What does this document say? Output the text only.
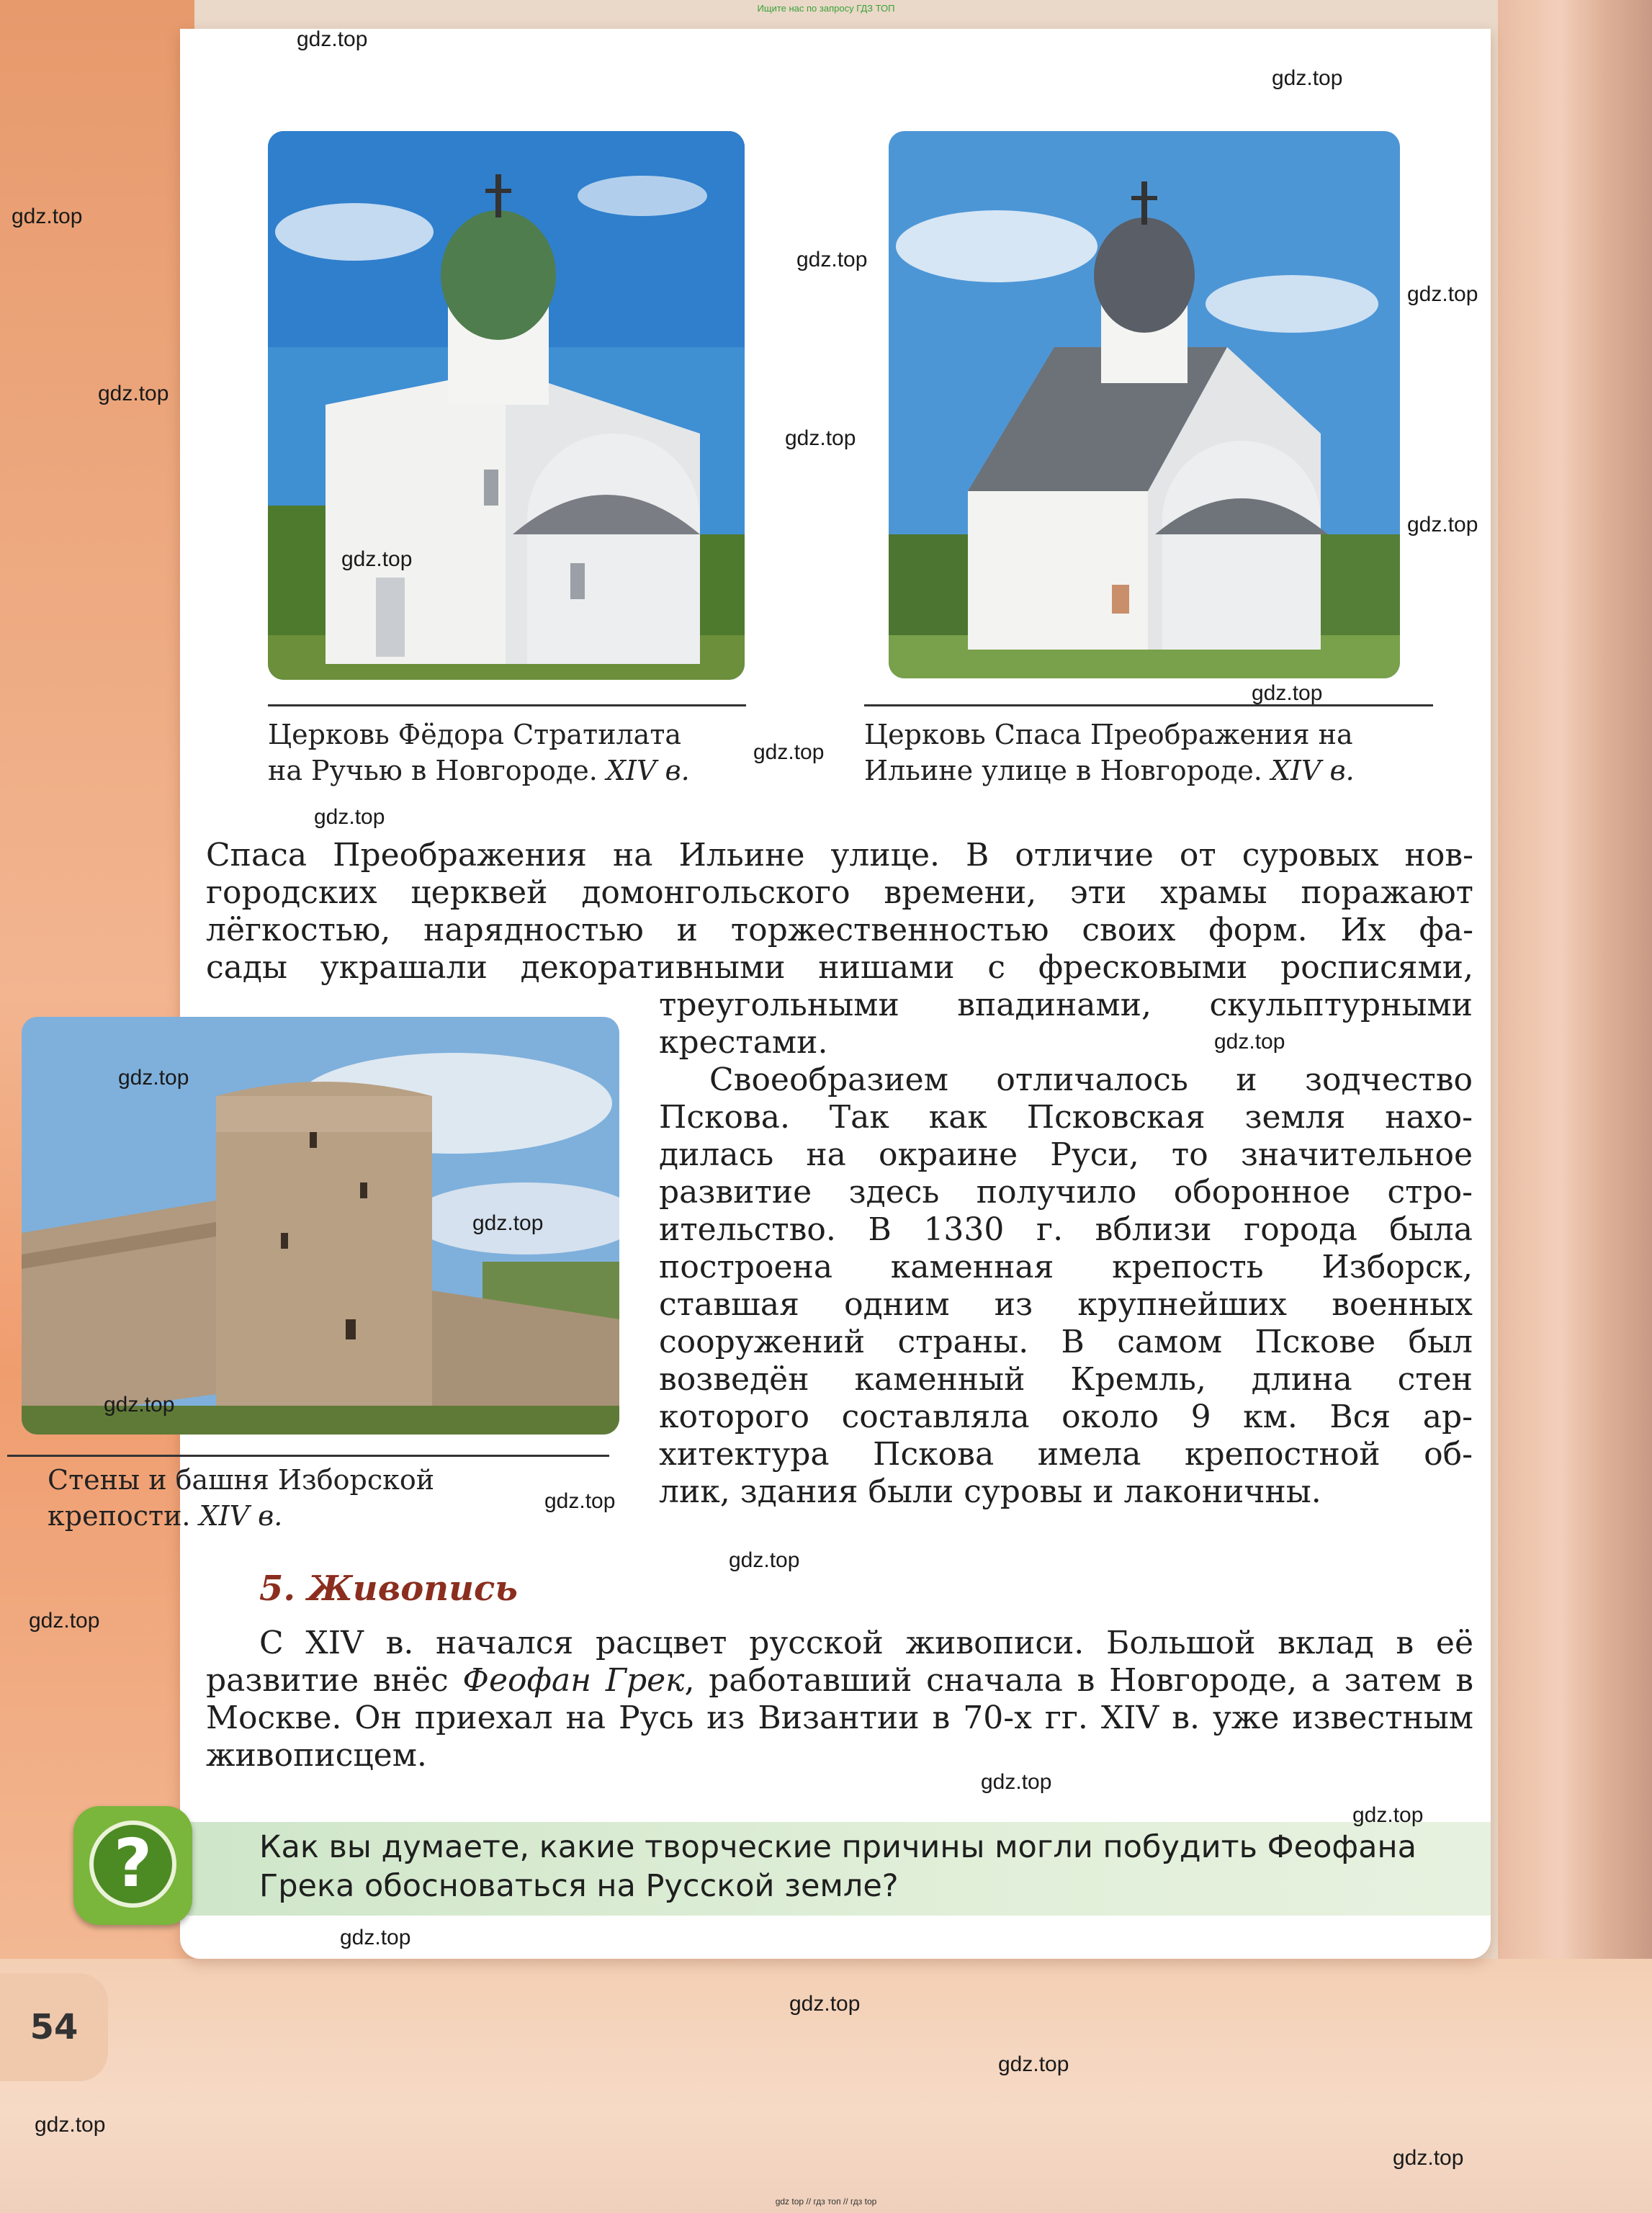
Ищите нас по запросу ГДЗ ТОП
Церковь Фёдора Стратилата
на Ручью в Новгороде. XIV в.
Церковь Спаса Преображения на
Ильине улице в Новгороде. XIV в.

Спаса Преображения на Ильине улице. В отличие от суровых нов-

городских церквей домонгольского времени, эти храмы поражают

лёгкостью, нарядностью и торжественностью своих форм. Их фа-

сады украшали декоративными нишами с фресковыми росписями,

Стены и башня Изборской
крепости. XIV в.

треугольными впадинами, скульптурными крестами.

Своеобразием отличалось и зодчество

Пскова. Так как Псковская земля нахо-

дилась на окраине Руси, то значительное

развитие здесь получило оборонное стро-

ительство. В 1330 г. вблизи города была

построена каменная крепость Изборск,

ставшая одним из крупнейших военных

сооружений страны. В самом Пскове был

возведён каменный Кремль, длина стен

которого составляла около 9 км. Вся ар-

хитектура Пскова имела крепостной об-

лик, здания были суровы и лаконичны.

5. Живопись

С XIV в. начался расцвет русской живописи. Большой вклад в её развитие внёс Феофан Грек, работавший сначала в Новгороде, а затем в Москве. Он приехал на Русь из Византии в 70-х гг. XIV в. уже известным живописцем.

?	Как вы думаете, какие творческие причины могли побудить Феофана Грека обосноваться на Русской земле?
54
gdz.top
gdz.top
gdz.top
gdz.top
gdz.top
gdz.top
gdz.top
gdz.top
gdz.top
gdz.top
gdz.top
gdz.top
gdz.top
gdz.top
gdz.top
gdz.top
gdz.top
gdz.top
gdz.top
gdz.top
gdz.top
gdz.top
gdz.top
gdz.top
gdz.top
gdz.top
gdz top // гдз топ // гдз top
